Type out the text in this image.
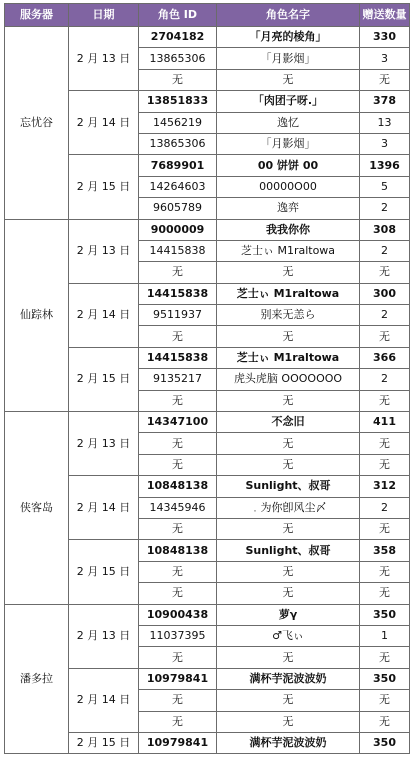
服务器	日期	角色 ID	角色名字	赠送数量
忘忧谷	2 月 13 日	2704182	「月亮的棱角」	330
		13865306	「月影烟」	3
		无	无	无
	2 月 14 日	13851833	「肉团子呀.」	378
		1456219	逸忆	13
		13865306	「月影烟」	3
	2 月 15 日	7689901	00 饼饼 00	1396
		14264603	00000O00	5
		9605789	逸弈	2
仙踪林	2 月 13 日	9000009	我我你你	308
		14415838	芝士ぃ M1raltowa	2
		无	无	无
	2 月 14 日	14415838	芝士ぃ M1raltowa	300
		9511937	别来无恙ら	2
		无	无	无
	2 月 15 日	14415838	芝士ぃ M1raltowa	366
		9135217	虎头虎脑 OOOOOOO	2
		无	无	无
侠客岛	2 月 13 日	14347100	不念旧	411
		无	无	无
		无	无	无
	2 月 14 日	10848138	Sunlight、叔哥	312
		14345946	﹒为你卽风尘〆	2
		无	无	无
	2 月 15 日	10848138	Sunlight、叔哥	358
		无	无	无
		无	无	无
潘多拉	2 月 13 日	10900438	萝γ	350
		11037395	♂飞ぃ	1
		无	无	无
	2 月 14 日	10979841	满杯芋泥波波奶	350
		无	无	无
		无	无	无
	2 月 15 日	10979841	满杯芋泥波波奶	350
